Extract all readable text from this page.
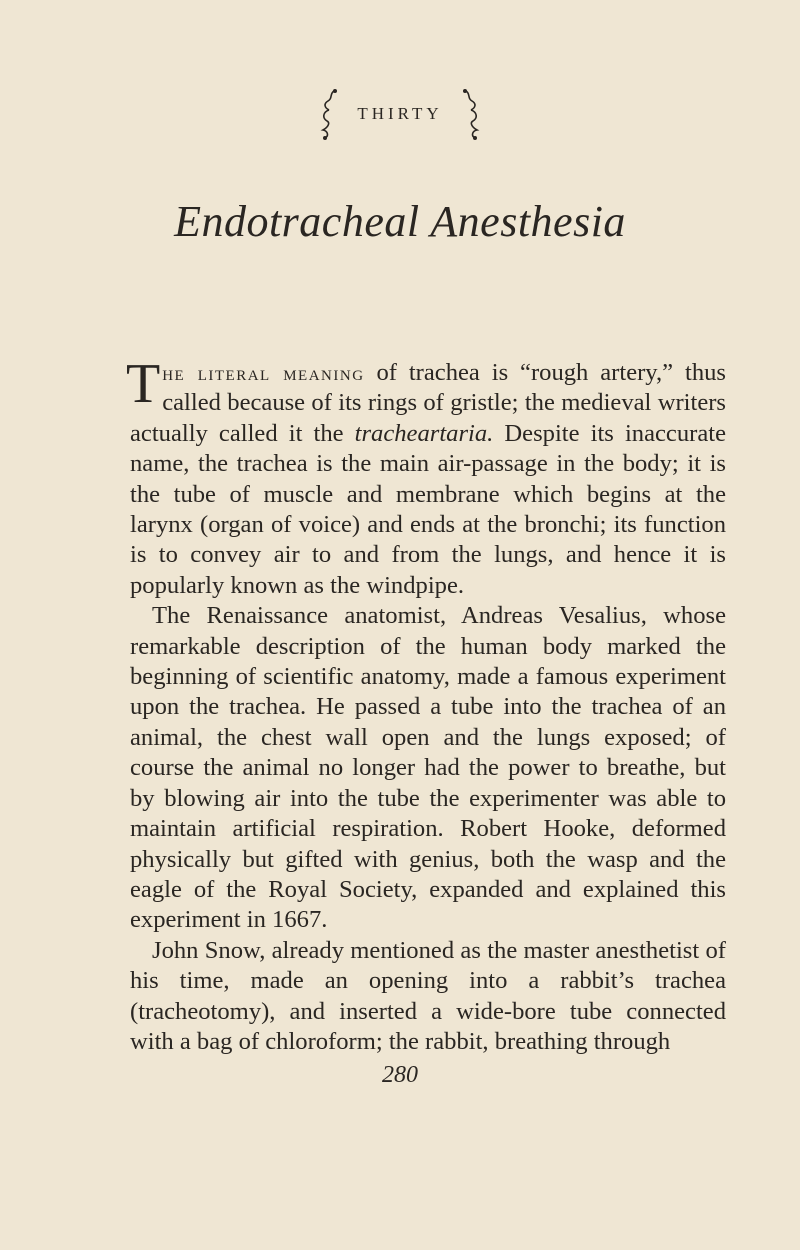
THIRTY
Endotracheal Anesthesia

The literal meaning of trachea is “rough artery,” thus called because of its rings of gristle; the medieval writers actually called it the tracheartaria. Despite its inaccurate name, the trachea is the main air-passage in the body; it is the tube of muscle and membrane which begins at the larynx (organ of voice) and ends at the bronchi; its function is to convey air to and from the lungs, and hence it is popularly known as the windpipe.

The Renaissance anatomist, Andreas Vesalius, whose remarkable description of the human body marked the beginning of scientific anatomy, made a famous experiment upon the trachea. He passed a tube into the trachea of an animal, the chest wall open and the lungs exposed; of course the animal no longer had the power to breathe, but by blowing air into the tube the experimenter was able to maintain artificial respiration. Robert Hooke, deformed physically but gifted with genius, both the wasp and the eagle of the Royal Society, expanded and explained this experiment in 1667.

John Snow, already mentioned as the master anesthetist of his time, made an opening into a rabbit’s trachea (tracheotomy), and inserted a wide-bore tube connected with a bag of chloroform; the rabbit, breathing through

280
